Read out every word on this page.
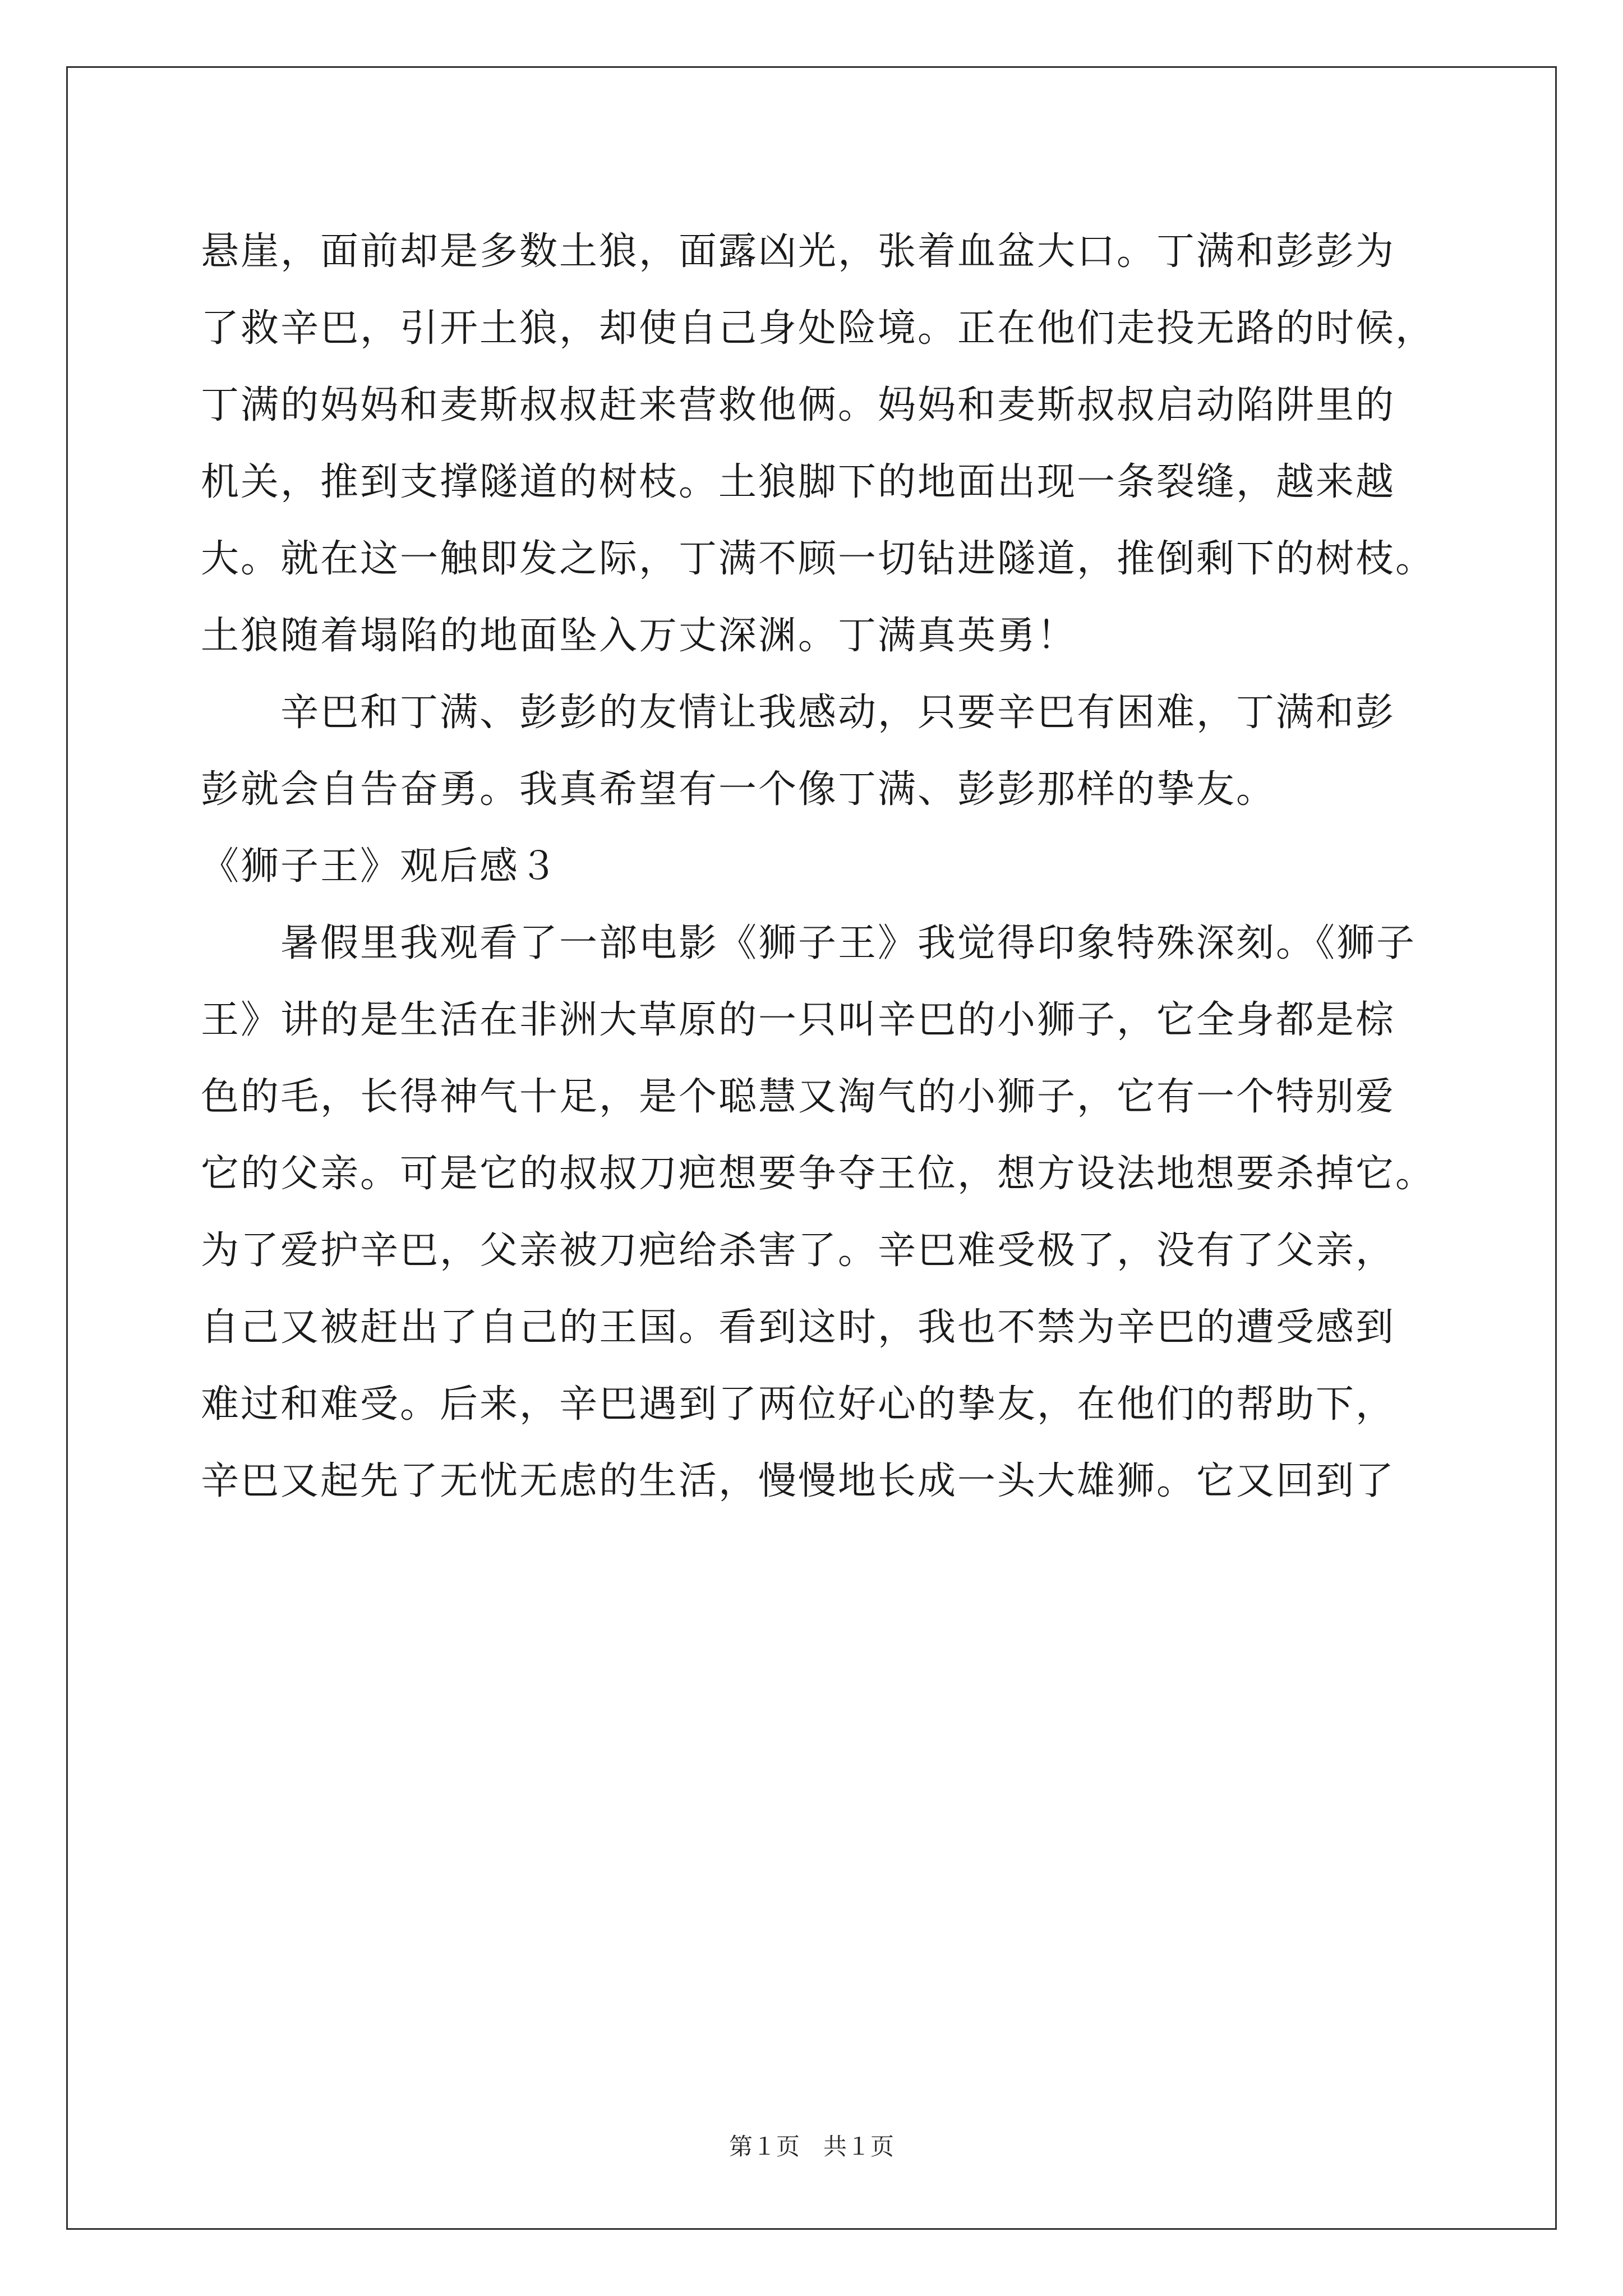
悬崖，面前却是多数土狼，面露凶光，张着血盆大口。丁满和彭彭为
了救辛巴，引开土狼，却使自己身处险境。正在他们走投无路的时候，
丁满的妈妈和麦斯叔叔赶来营救他俩。妈妈和麦斯叔叔启动陷阱里的
机关，推到支撑隧道的树枝。土狼脚下的地面出现一条裂缝，越来越
大。就在这一触即发之际，丁满不顾一切钻进隧道，推倒剩下的树枝。
土狼随着塌陷的地面坠入万丈深渊。丁满真英勇！
　　辛巴和丁满、彭彭的友情让我感动，只要辛巴有困难，丁满和彭
彭就会自告奋勇。我真希望有一个像丁满、彭彭那样的挚友。
《狮子王》观后感３
　　暑假里我观看了一部电影《狮子王》我觉得印象特殊深刻。《狮子
王》讲的是生活在非洲大草原的一只叫辛巴的小狮子，它全身都是棕
色的毛，长得神气十足，是个聪慧又淘气的小狮子，它有一个特别爱
它的父亲。可是它的叔叔刀疤想要争夺王位，想方设法地想要杀掉它。
为了爱护辛巴，父亲被刀疤给杀害了。辛巴难受极了，没有了父亲，
自己又被赶出了自己的王国。看到这时，我也不禁为辛巴的遭受感到
难过和难受。后来，辛巴遇到了两位好心的挚友，在他们的帮助下，
辛巴又起先了无忧无虑的生活，慢慢地长成一头大雄狮。它又回到了
第１页　共１页
